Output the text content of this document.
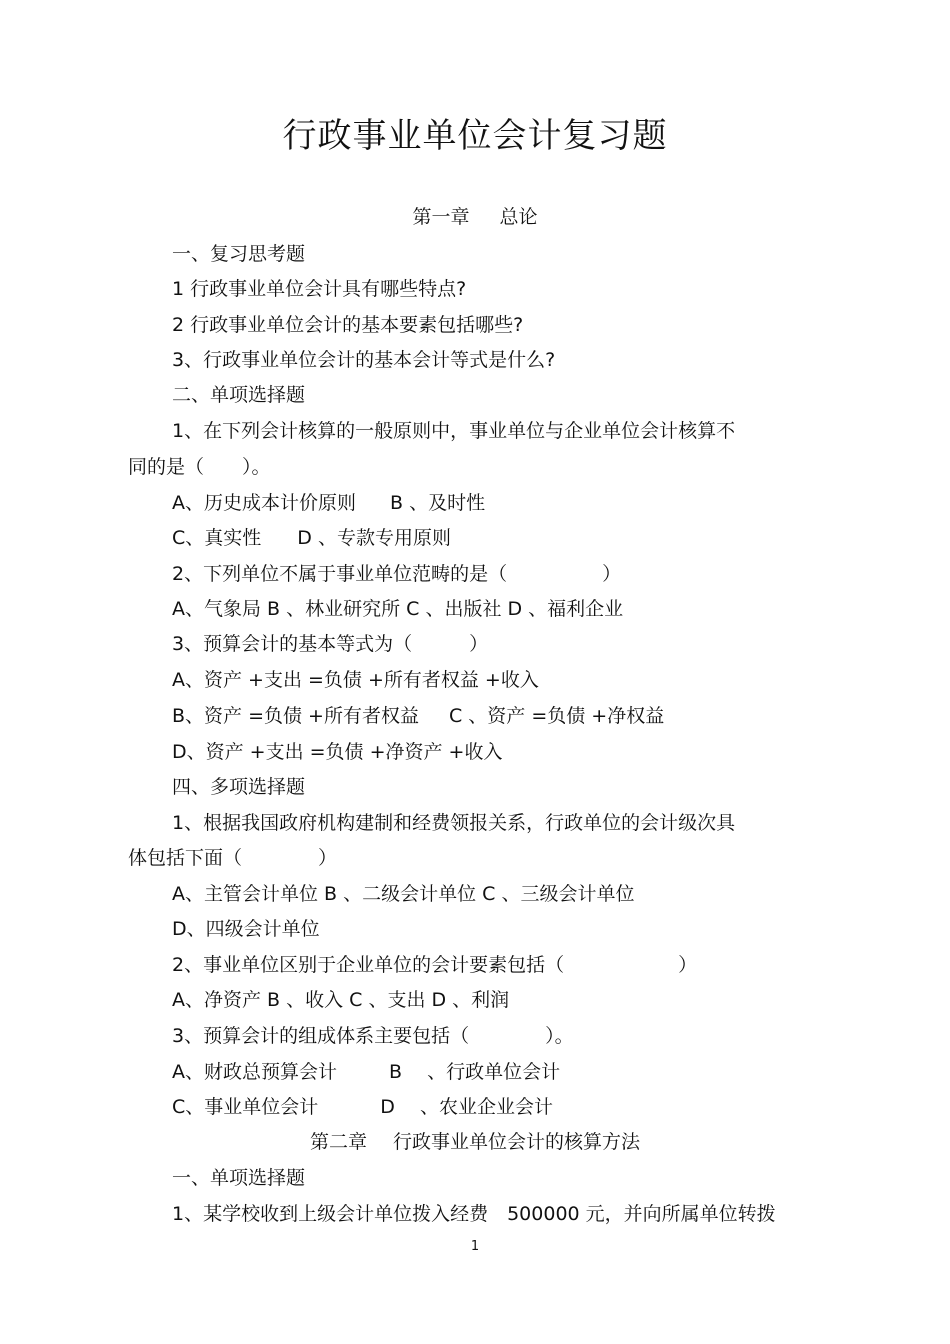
行政事业单位会计复习题
第一章 总论
一、复习思考题
1 行政事业单位会计具有哪些特点?
2 行政事业单位会计的基本要素包括哪些?
3、行政事业单位会计的基本会计等式是什么?
二、单项选择题
1、在下列会计核算的一般原则中，事业单位与企业单位会计核算不
同的是（　　）。
A、历史成本计价原则 B 、及时性
C、真实性 D 、专款专用原则
2、下列单位不属于事业单位范畴的是（　　　　　）
A、气象局 B 、林业研究所 C 、出版社 D 、福利企业
3、预算会计的基本等式为（　　　）
A、资产 +支出 =负债 +所有者权益 +收入
B、资产 =负债 +所有者权益 C 、资产 =负债 +净权益
D、资产 +支出 =负债 +净资产 +收入
四、多项选择题
1、根据我国政府机构建制和经费领报关系，行政单位的会计级次具
体包括下面（　　　　）
A、主管会计单位 B 、二级会计单位 C 、三级会计单位
D、四级会计单位
2、事业单位区别于企业单位的会计要素包括（　　　　　　）
A、净资产 B 、收入 C 、支出 D 、利润
3、预算会计的组成体系主要包括（　　　　）。
A、财政总预算会计	B 　、行政单位会计
C、事业单位会计	D 　、农业企业会计
第二章 行政事业单位会计的核算方法
一、单项选择题
1、某学校收到上级会计单位拨入经费　500000 元，并向所属单位转拨
1
